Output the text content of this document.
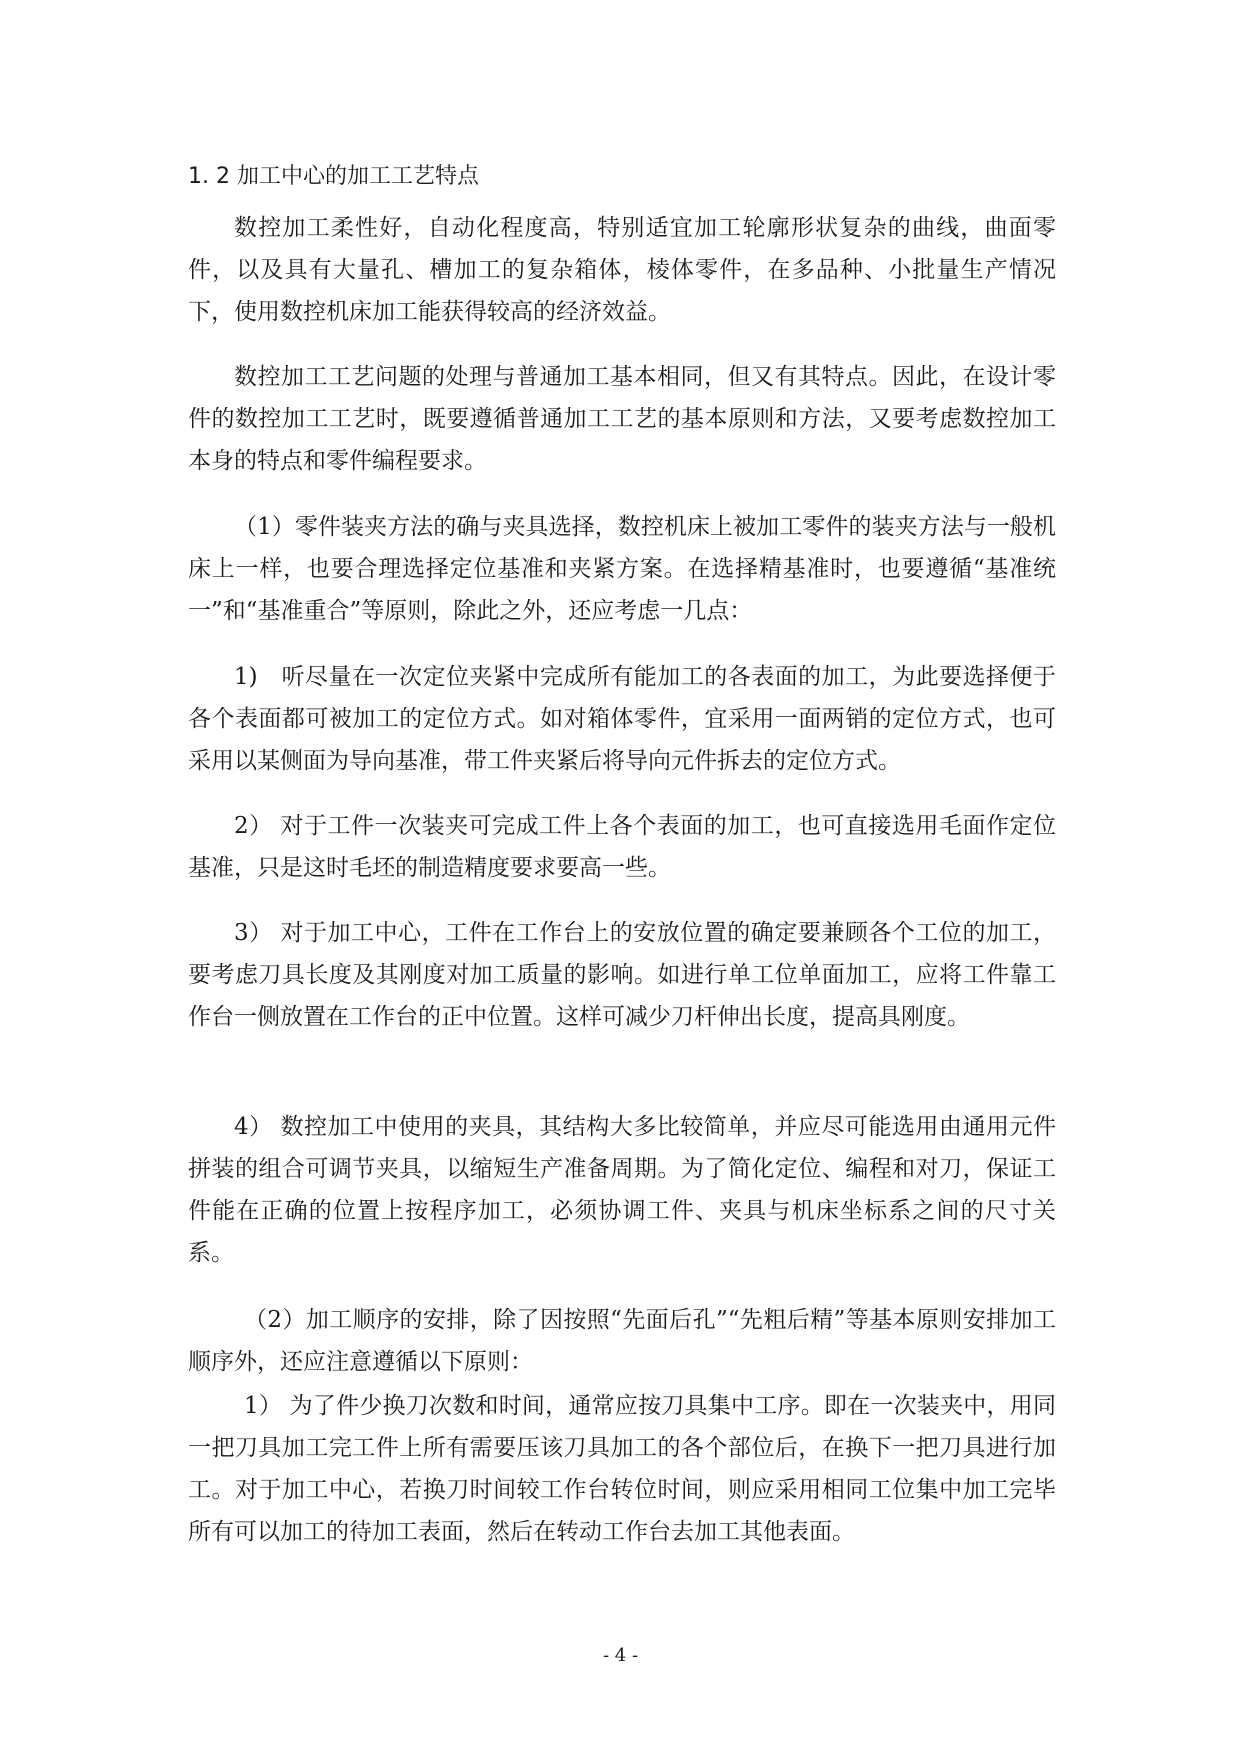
1. 2 加工中心的加工工艺特点

数控加工柔性好，自动化程度高，特别适宜加工轮廓形状复杂的曲线，曲面零件，以及具有大量孔、槽加工的复杂箱体，棱体零件，在多品种、小批量生产情况下，使用数控机床加工能获得较高的经济效益。

数控加工工艺问题的处理与普通加工基本相同，但又有其特点。因此，在设计零件的数控加工工艺时，既要遵循普通加工工艺的基本原则和方法，又要考虑数控加工本身的特点和零件编程要求。

（1）零件装夹方法的确与夹具选择，数控机床上被加工零件的装夹方法与一般机床上一样，也要合理选择定位基准和夹紧方案。在选择精基准时，也要遵循“基准统一”和“基准重合”等原则，除此之外，还应考虑一几点：

1)　听尽量在一次定位夹紧中完成所有能加工的各表面的加工，为此要选择便于各个表面都可被加工的定位方式。如对箱体零件，宜采用一面两销的定位方式，也可采用以某侧面为导向基准，带工件夹紧后将导向元件拆去的定位方式。

2） 对于工件一次装夹可完成工件上各个表面的加工，也可直接选用毛面作定位基准，只是这时毛坯的制造精度要求要高一些。

3） 对于加工中心，工件在工作台上的安放位置的确定要兼顾各个工位的加工，要考虑刀具长度及其刚度对加工质量的影响。如进行单工位单面加工，应将工件靠工作台一侧放置在工作台的正中位置。这样可减少刀杆伸出长度，提高具刚度。

4） 数控加工中使用的夹具，其结构大多比较简单，并应尽可能选用由通用元件拼装的组合可调节夹具，以缩短生产准备周期。为了简化定位、编程和对刀，保证工件能在正确的位置上按程序加工，必须协调工件、夹具与机床坐标系之间的尺寸关系。

（2）加工顺序的安排，除了因按照“先面后孔”“先粗后精”等基本原则安排加工顺序外，还应注意遵循以下原则：

1） 为了件少换刀次数和时间，通常应按刀具集中工序。即在一次装夹中，用同一把刀具加工完工件上所有需要压该刀具加工的各个部位后，在换下一把刀具进行加工。对于加工中心，若换刀时间较工作台转位时间，则应采用相同工位集中加工完毕所有可以加工的待加工表面，然后在转动工作台去加工其他表面。

- 4 -
